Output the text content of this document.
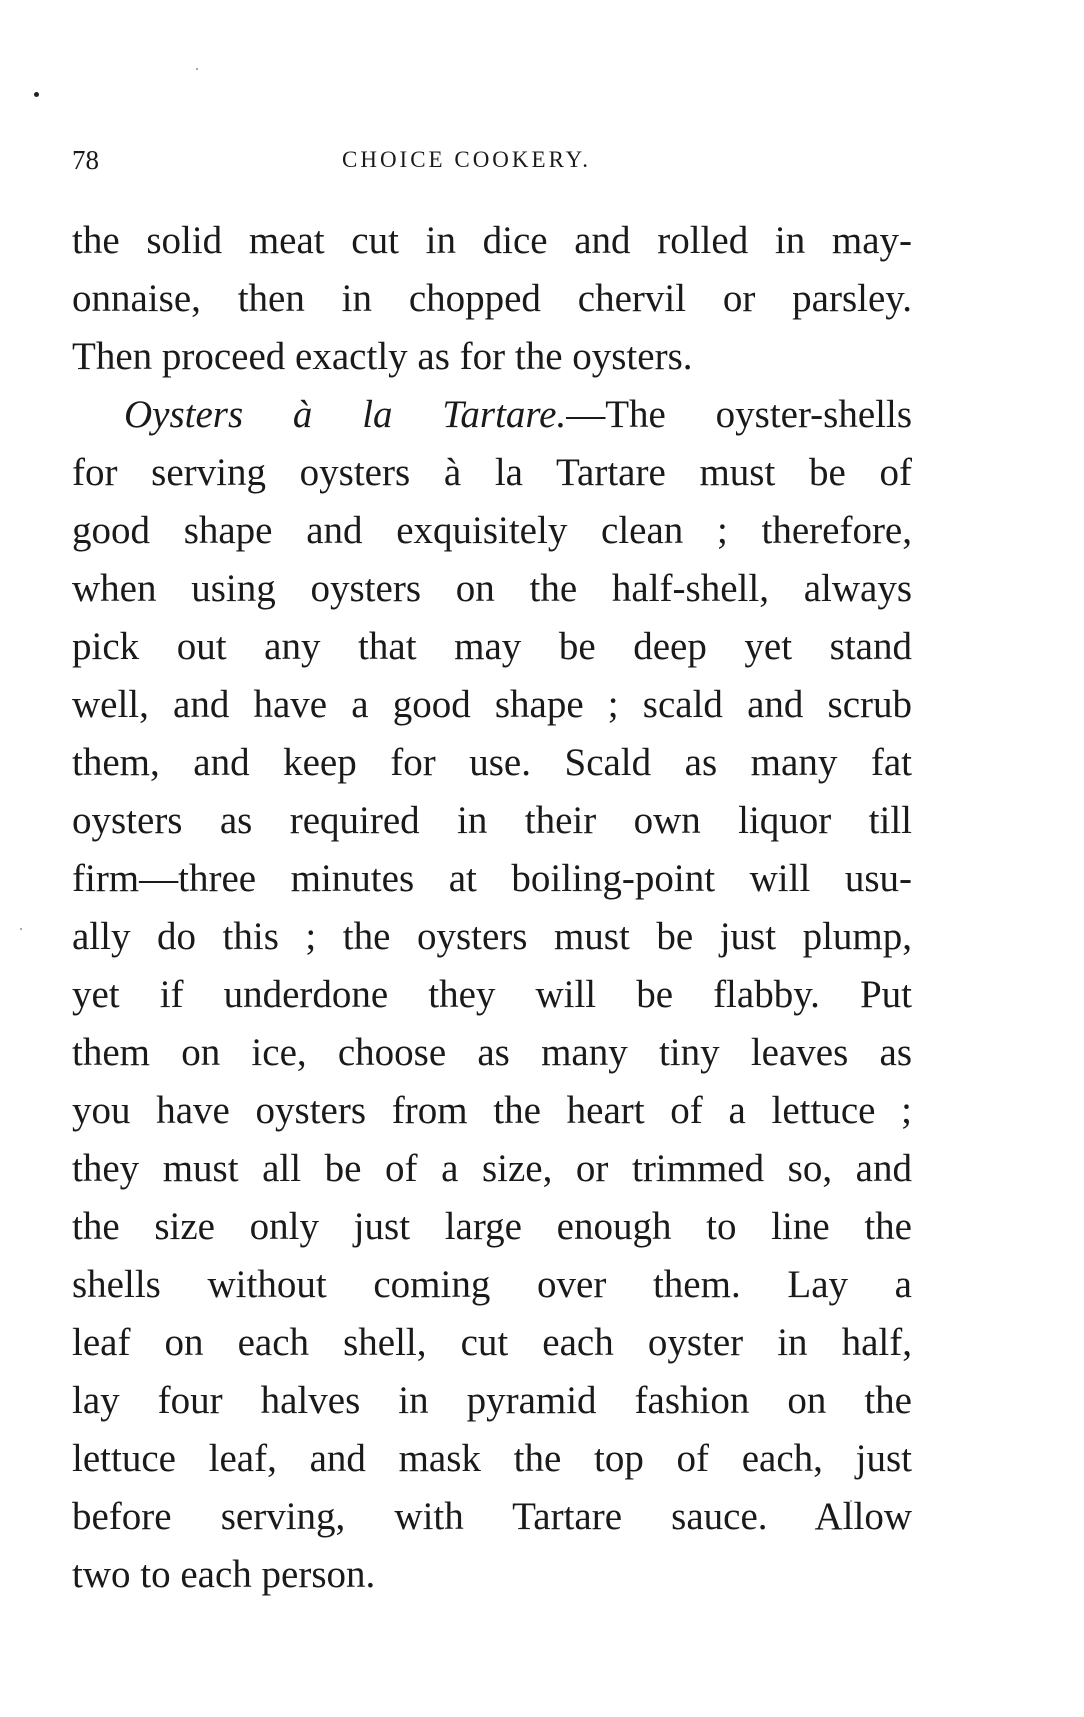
78	CHOICE COOKERY.
the solid meat cut in dice and rolled in may-
onnaise, then in chopped chervil or parsley.
Then proceed exactly as for the oysters.
Oysters à la Tartare.—The oyster-shells
for serving oysters à la Tartare must be of
good shape and exquisitely clean ; therefore,
when using oysters on the half-shell, always
pick out any that may be deep yet stand
well, and have a good shape ; scald and scrub
them, and keep for use. Scald as many fat
oysters as required in their own liquor till
firm—three minutes at boiling-point will usu-
ally do this ; the oysters must be just plump,
yet if underdone they will be flabby. Put
them on ice, choose as many tiny leaves as
you have oysters from the heart of a lettuce ;
they must all be of a size, or trimmed so, and
the size only just large enough to line the
shells without coming over them. Lay a
leaf on each shell, cut each oyster in half,
lay four halves in pyramid fashion on the
lettuce leaf, and mask the top of each, just
before serving, with Tartare sauce. Allow
two to each person.
